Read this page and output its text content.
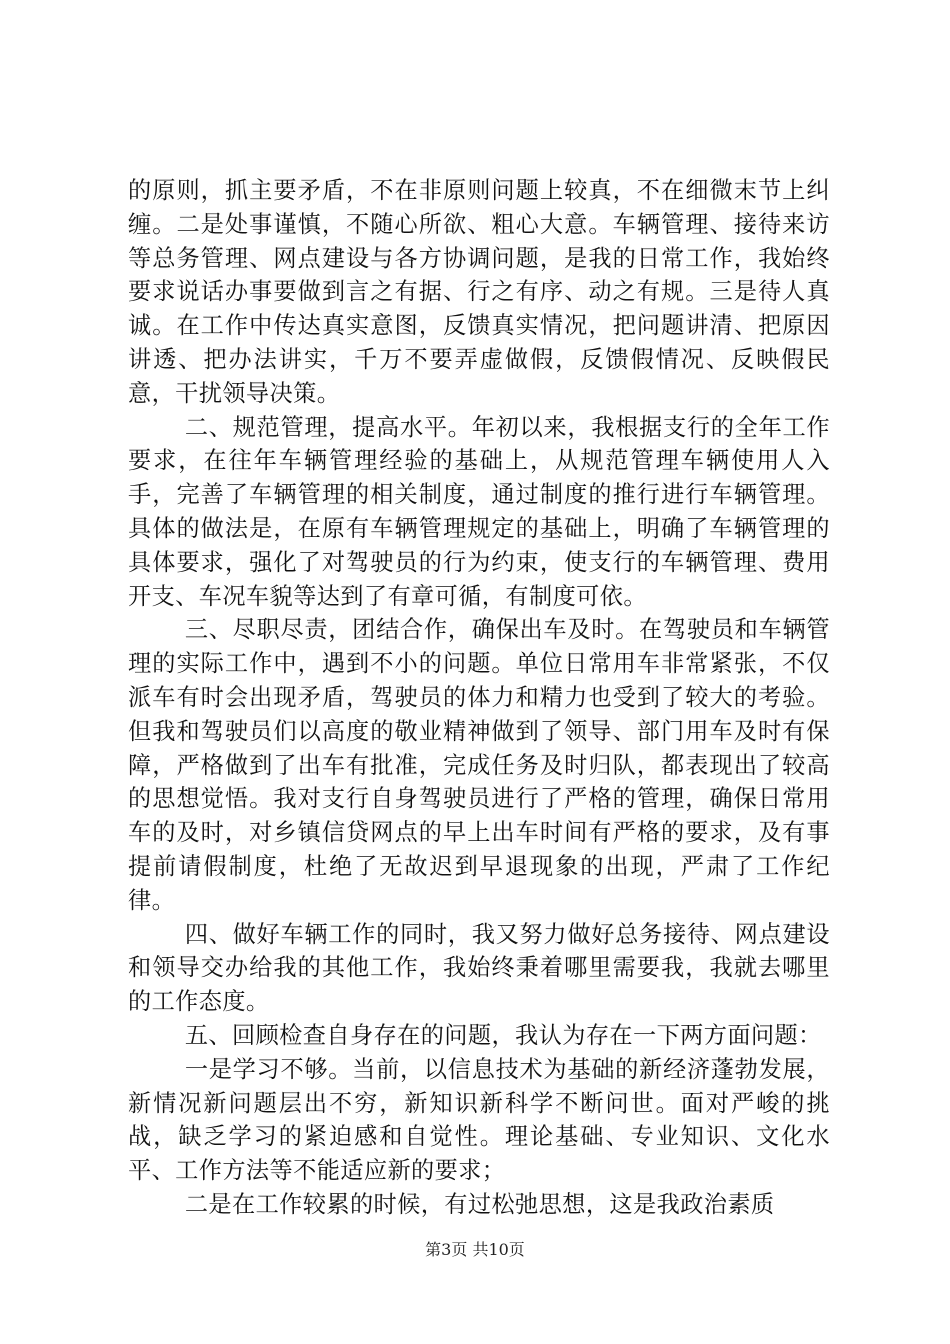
的原则，抓主要矛盾，不在非原则问题上较真，不在细微末节上纠缠。二是处事谨慎，不随心所欲、粗心大意。车辆管理、接待来访等总务管理、网点建设与各方协调问题，是我的日常工作，我始终要求说话办事要做到言之有据、行之有序、动之有规。三是待人真诚。在工作中传达真实意图，反馈真实情况，把问题讲清、把原因讲透、把办法讲实，千万不要弄虚做假，反馈假情况、反映假民意，干扰领导决策。

二、规范管理，提高水平。年初以来，我根据支行的全年工作要求，在往年车辆管理经验的基础上，从规范管理车辆使用人入手，完善了车辆管理的相关制度，通过制度的推行进行车辆管理。具体的做法是，在原有车辆管理规定的基础上，明确了车辆管理的具体要求，强化了对驾驶员的行为约束，使支行的车辆管理、费用开支、车况车貌等达到了有章可循，有制度可依。

三、尽职尽责，团结合作，确保出车及时。在驾驶员和车辆管理的实际工作中，遇到不小的问题。单位日常用车非常紧张，不仅派车有时会出现矛盾，驾驶员的体力和精力也受到了较大的考验。但我和驾驶员们以高度的敬业精神做到了领导、部门用车及时有保障，严格做到了出车有批准，完成任务及时归队，都表现出了较高的思想觉悟。我对支行自身驾驶员进行了严格的管理，确保日常用车的及时，对乡镇信贷网点的早上出车时间有严格的要求，及有事提前请假制度，杜绝了无故迟到早退现象的出现，严肃了工作纪律。

四、做好车辆工作的同时，我又努力做好总务接待、网点建设和领导交办给我的其他工作，我始终秉着哪里需要我，我就去哪里的工作态度。

五、回顾检查自身存在的问题，我认为存在一下两方面问题：

一是学习不够。当前，以信息技术为基础的新经济蓬勃发展，新情况新问题层出不穷，新知识新科学不断问世。面对严峻的挑战，缺乏学习的紧迫感和自觉性。理论基础、专业知识、文化水平、工作方法等不能适应新的要求；

二是在工作较累的时候，有过松弛思想，这是我政治素质

第3页 共10页
